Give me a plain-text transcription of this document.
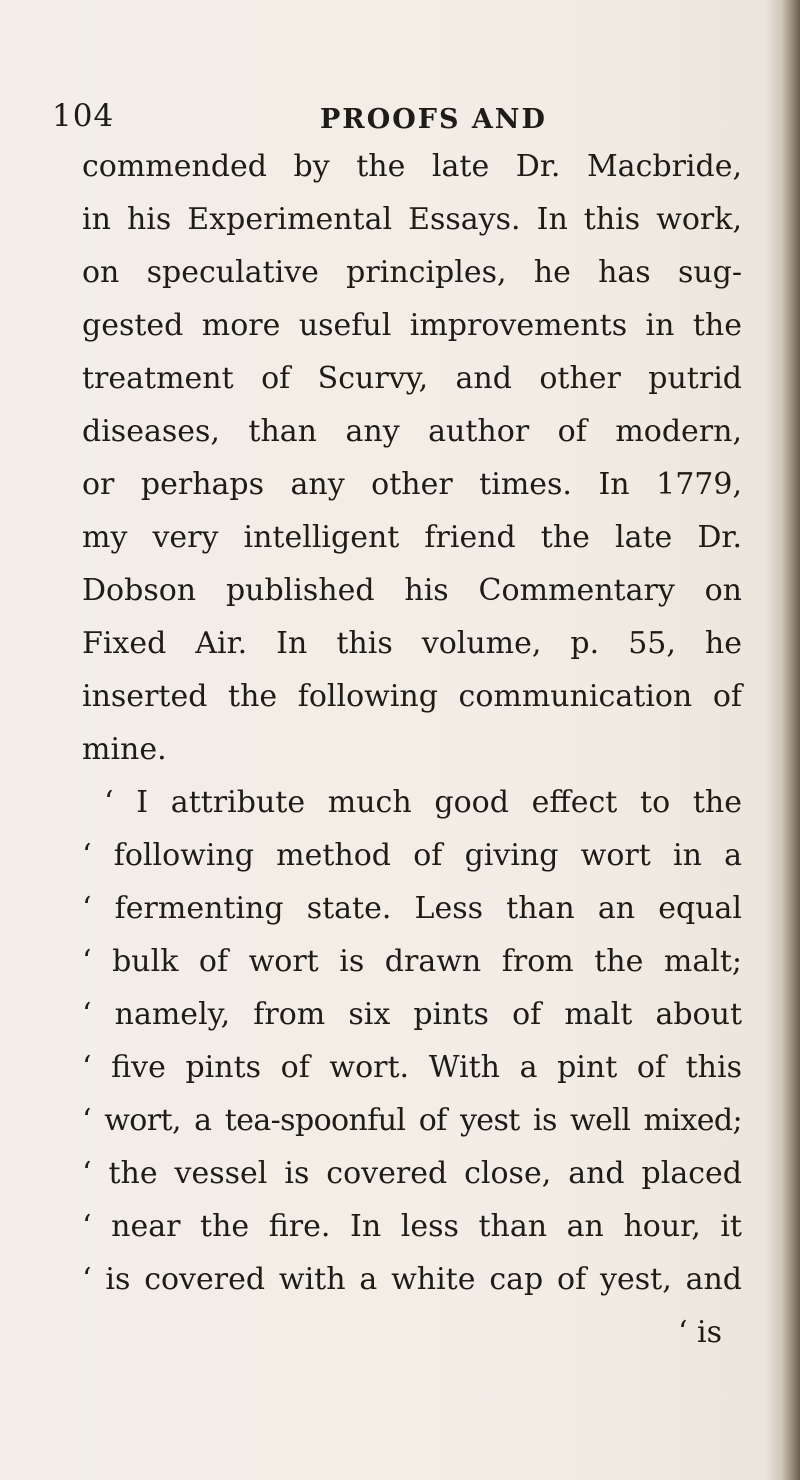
104	PROOFS AND
commended by the late Dr. Macbride,
in his Experimental Essays. In this work,
on speculative principles, he has sug-
gested more useful improvements in the
treatment of Scurvy, and other putrid
diseases, than any author of modern,
or perhaps any other times. In 1779,
my very intelligent friend the late Dr.
Dobson published his Commentary on
Fixed Air. In this volume, p. 55, he
inserted the following communication of
mine.
‘ I attribute much good effect to the
‘ following method of giving wort in a
‘ fermenting state. Less than an equal
‘ bulk of wort is drawn from the malt;
‘ namely, from six pints of malt about
‘ five pints of wort. With a pint of this
‘ wort, a tea-spoonful of yest is well mixed;
‘ the vessel is covered close, and placed
‘ near the fire. In less than an hour, it
‘ is covered with a white cap of yest, and
‘ is
